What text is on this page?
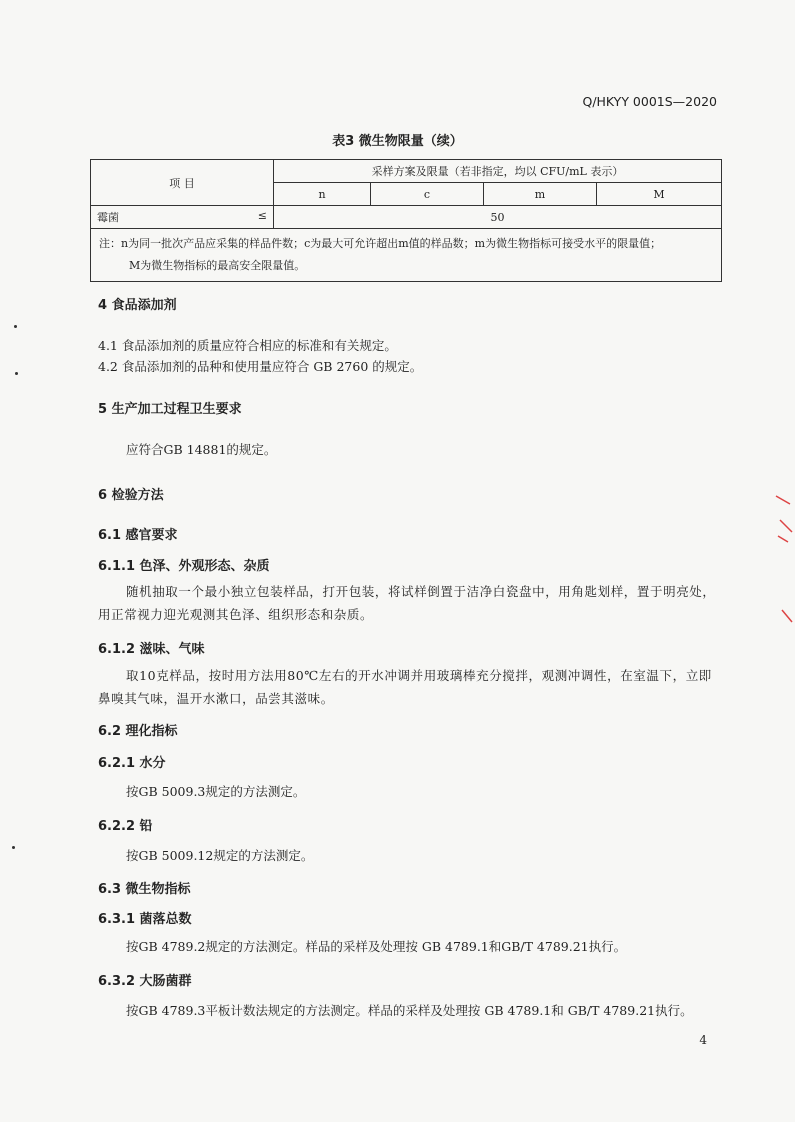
Q/HKYY 0001S—2020
表3 微生物限量（续）
项 目	采样方案及限量（若非指定，均以 CFU/mL 表示）			
	n	c	m	M
霉菌 ≤	50			

注：n为同一批次产品应采集的样品件数；c为最大可允许超出m值的样品数；m为微生物指标可接受水平的限量值；
M为微生物指标的最高安全限量值。				
4 食品添加剂
4.1 食品添加剂的质量应符合相应的标准和有关规定。
4.2 食品添加剂的品种和使用量应符合 GB 2760 的规定。
5 生产加工过程卫生要求
应符合GB 14881的规定。
6 检验方法
6.1 感官要求
6.1.1 色泽、外观形态、杂质
随机抽取一个最小独立包装样品，打开包装，将试样倒置于洁净白瓷盘中，用角匙划样，置于明亮处，用正常视力迎光观测其色泽、组织形态和杂质。
6.1.2 滋味、气味
取10克样品，按时用方法用80℃左右的开水冲调并用玻璃棒充分搅拌，观测冲调性，在室温下，立即鼻嗅其气味，温开水漱口，品尝其滋味。
6.2 理化指标
6.2.1 水分
按GB 5009.3规定的方法测定。
6.2.2 铅
按GB 5009.12规定的方法测定。
6.3 微生物指标
6.3.1 菌落总数
按GB 4789.2规定的方法测定。样品的采样及处理按 GB 4789.1和GB/T 4789.21执行。
6.3.2 大肠菌群
按GB 4789.3平板计数法规定的方法测定。样品的采样及处理按 GB 4789.1和 GB/T 4789.21执行。
4
